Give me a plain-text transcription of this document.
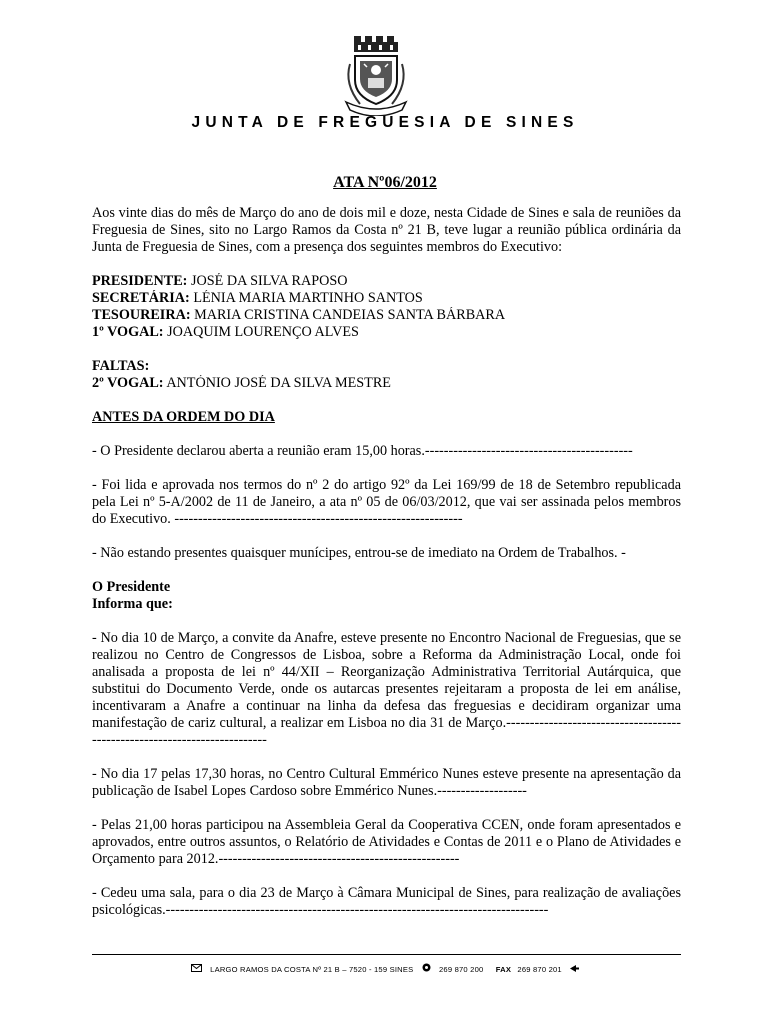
JUNTA DE FREGUESIA DE SINES
ATA Nº06/2012

Aos vinte dias do mês de Março do ano de dois mil e doze, nesta Cidade de Sines e sala de reuniões da Freguesia de Sines, sito no Largo Ramos da Costa nº 21 B, teve lugar a reunião pública ordinária da Junta de Freguesia de Sines, com a presença dos seguintes membros do Executivo:

PRESIDENTE: JOSÉ DA SILVA RAPOSO

SECRETÁRIA: LÉNIA MARIA MARTINHO SANTOS

TESOUREIRA: MARIA CRISTINA CANDEIAS SANTA BÁRBARA

1º VOGAL: JOAQUIM LOURENÇO ALVES

FALTAS:

2º VOGAL: ANTÓNIO JOSÉ DA SILVA MESTRE

ANTES DA ORDEM DO DIA

- O Presidente declarou aberta a reunião eram 15,00 horas.--------------------------------------------

- Foi lida e aprovada nos termos do nº 2 do artigo 92º da Lei 169/99 de 18 de Setembro republicada pela Lei nº 5-A/2002 de 11 de Janeiro, a ata nº 05 de 06/03/2012, que vai ser assinada pelos membros do Executivo. -------------------------------------------------------------

- Não estando presentes quaisquer munícipes, entrou-se de imediato na Ordem de Trabalhos. -

O Presidente

Informa que:

- No dia 10 de Março, a convite da Anafre, esteve presente no Encontro Nacional de Freguesias, que se realizou no Centro de Congressos de Lisboa, sobre a Reforma da Administração Local, onde foi analisada a proposta de lei nº 44/XII – Reorganização Administrativa Territorial Autárquica, que substitui do Documento Verde, onde os autarcas presentes rejeitaram a proposta de lei em análise, incentivaram a Anafre a continuar na linha da defesa das freguesias e decidiram organizar uma manifestação de cariz cultural, a realizar em Lisboa no dia 31 de Março.--------------------------------------------------------------------------

- No dia 17 pelas 17,30 horas, no Centro Cultural Emmérico Nunes esteve presente na apresentação da publicação de Isabel Lopes Cardoso sobre Emmérico Nunes.-------------------

- Pelas 21,00 horas participou na Assembleia Geral da Cooperativa CCEN, onde foram apresentados e aprovados, entre outros assuntos, o Relatório de Atividades e Contas de 2011 e o Plano de Atividades e Orçamento para 2012.---------------------------------------------------

- Cedeu uma sala, para o dia 23 de Março à Câmara Municipal de Sines, para realização de avaliações psicológicas.---------------------------------------------------------------------------------

LARGO RAMOS DA COSTA Nº 21 B – 7520 - 159 SINES	269 870 200 FAX 269 870 201
